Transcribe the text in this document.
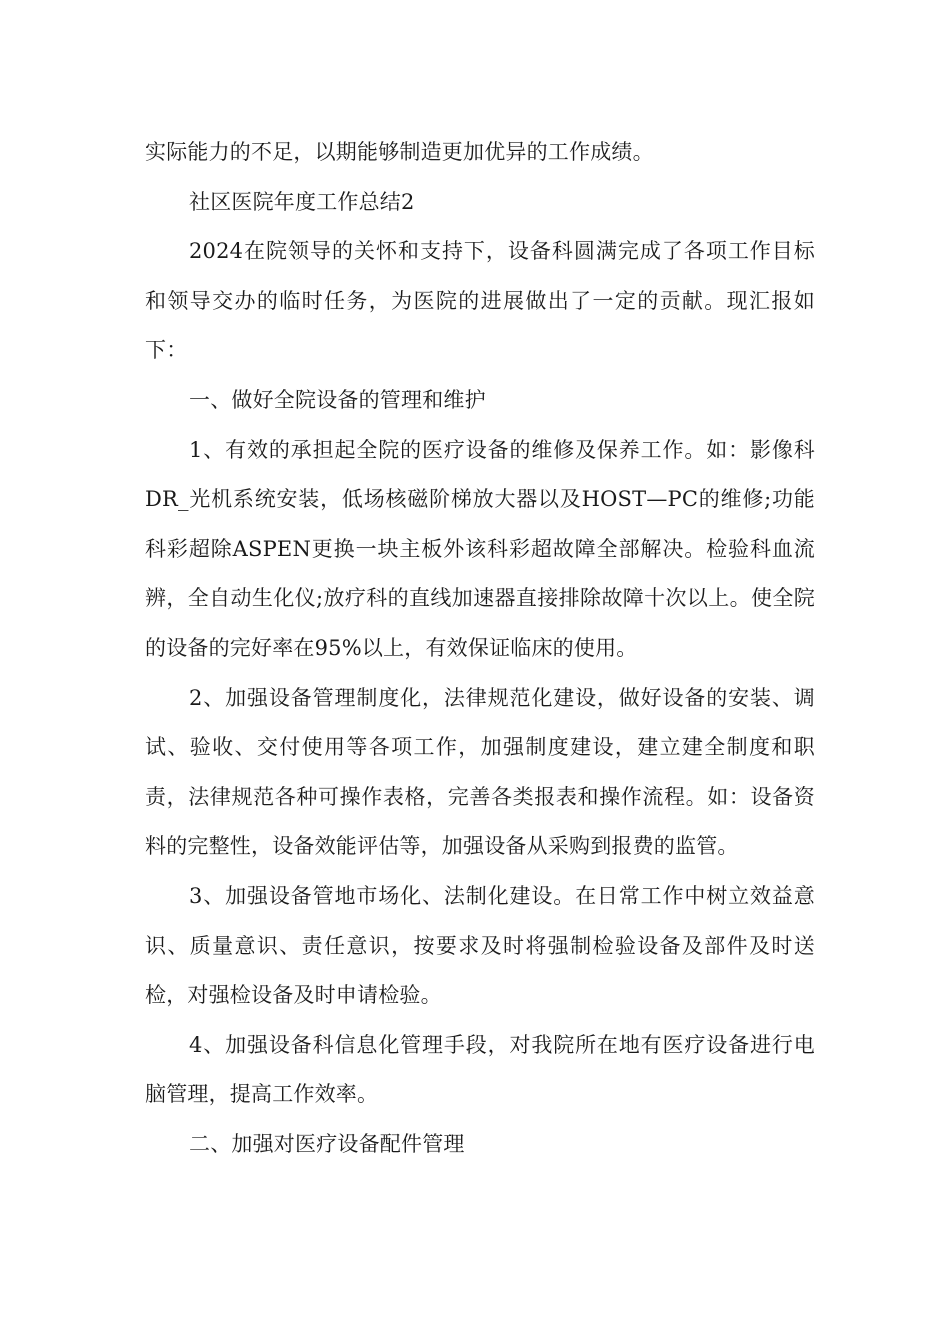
实际能力的不足，以期能够制造更加优异的工作成绩。

社区医院年度工作总结2

2024在院领导的关怀和支持下，设备科圆满完成了各项工作目标和领导交办的临时任务，为医院的进展做出了一定的贡献。现汇报如下：

一、做好全院设备的管理和维护

1、有效的承担起全院的医疗设备的维修及保养工作。如：影像科DR_光机系统安装，低场核磁阶梯放大器以及HOST—PC的维修;功能科彩超除ASPEN更换一块主板外该科彩超故障全部解决。检验科血流辨，全自动生化仪;放疗科的直线加速器直接排除故障十次以上。使全院的设备的完好率在95%以上，有效保证临床的使用。

2、加强设备管理制度化，法律规范化建设，做好设备的安装、调试、验收、交付使用等各项工作，加强制度建设，建立建全制度和职责，法律规范各种可操作表格，完善各类报表和操作流程。如：设备资料的完整性，设备效能评估等，加强设备从采购到报费的监管。

3、加强设备管地市场化、法制化建设。在日常工作中树立效益意识、质量意识、责任意识，按要求及时将强制检验设备及部件及时送检，对强检设备及时申请检验。

4、加强设备科信息化管理手段，对我院所在地有医疗设备进行电脑管理，提高工作效率。

二、加强对医疗设备配件管理
